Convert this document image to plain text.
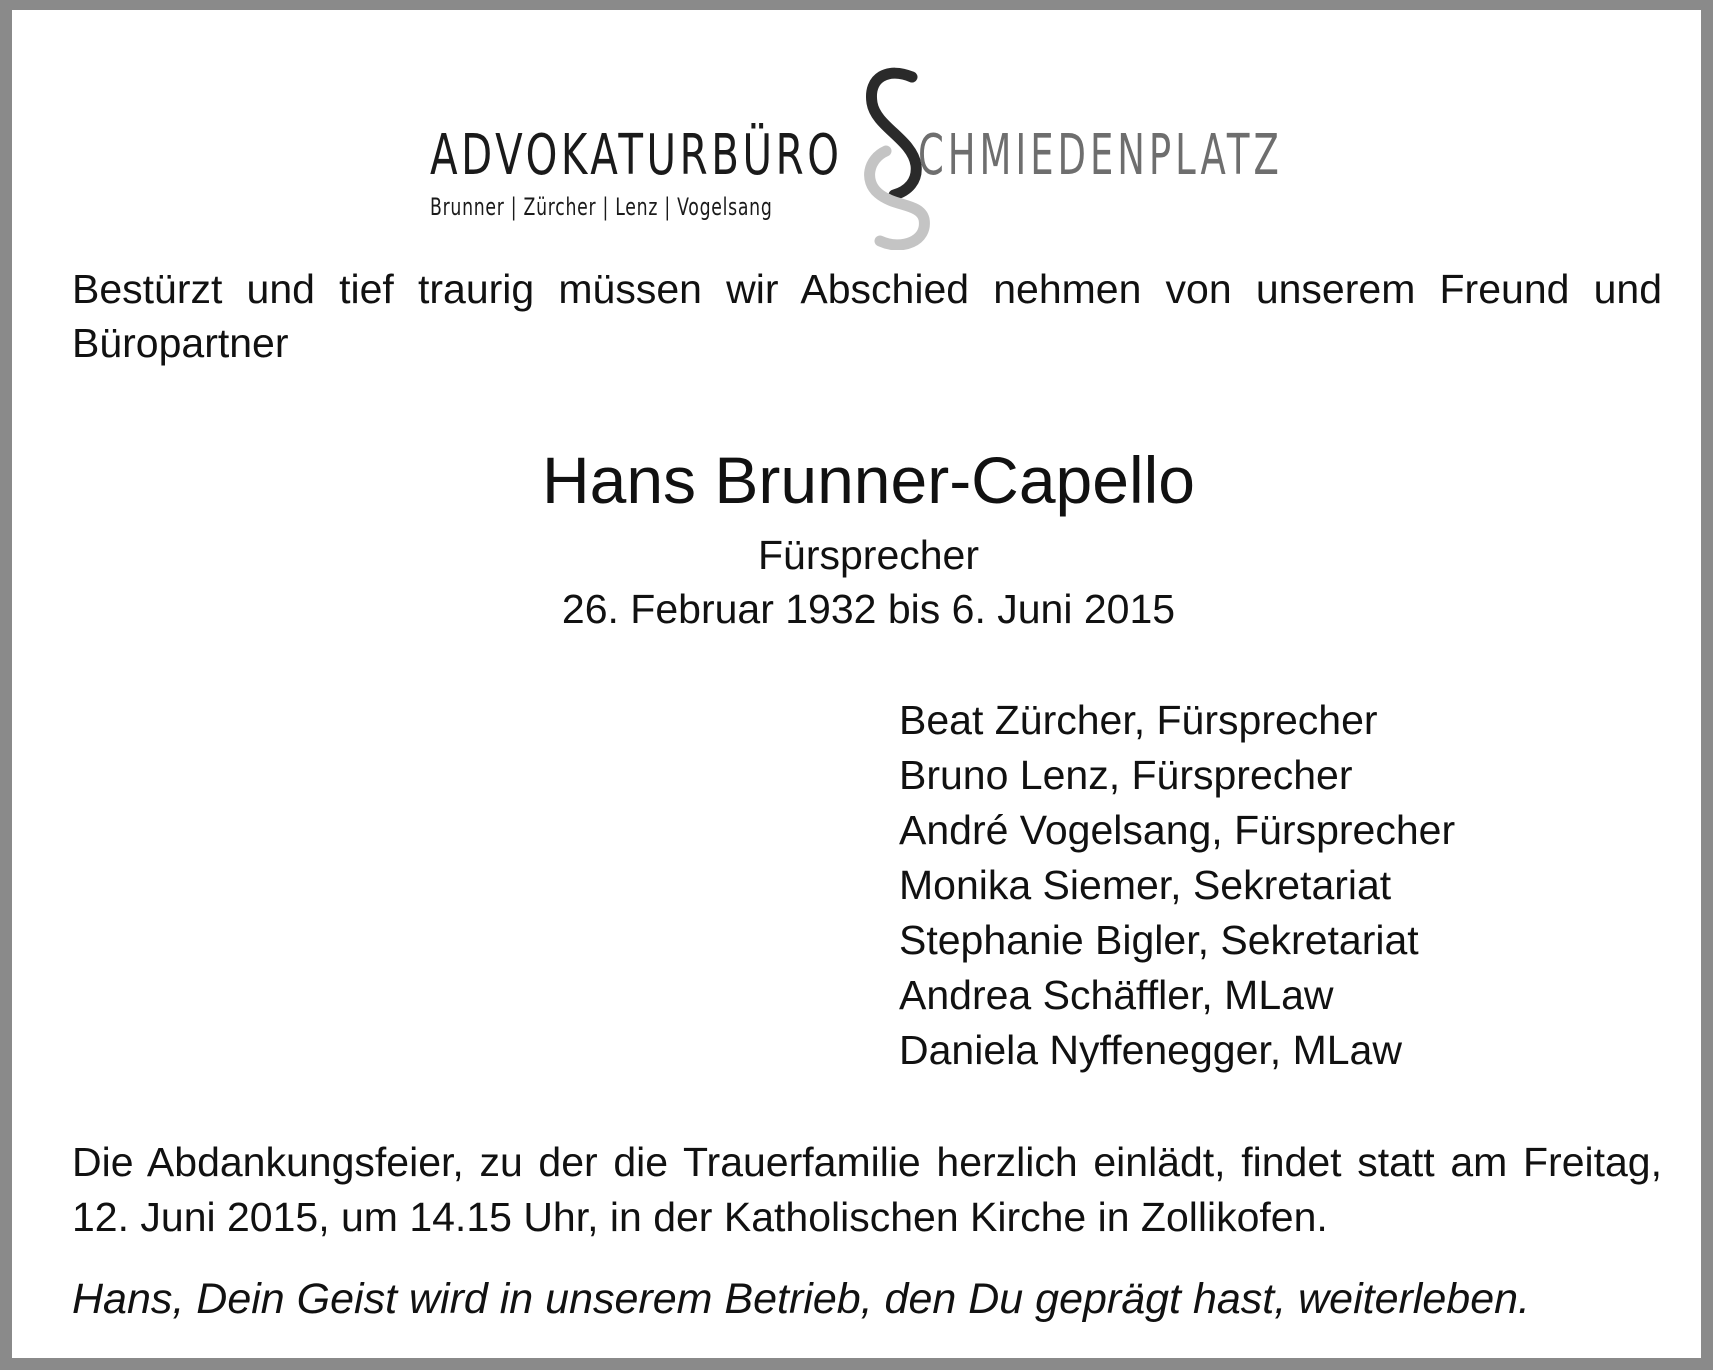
ADVOKATURBÜRO CHMIEDENPLATZ
Brunner | Zürcher | Lenz | Vogelsang

Bestürzt und tief traurig müssen wir Abschied nehmen von unserem Freund und Büropartner

Hans Brunner-Capello

Fürsprecher

26. Februar 1932 bis 6. Juni 2015

Beat Zürcher, Fürsprecher
Bruno Lenz, Fürsprecher
André Vogelsang, Fürsprecher
Monika Siemer, Sekretariat
Stephanie Bigler, Sekretariat
Andrea Schäffler, MLaw
Daniela Nyffenegger, MLaw

Die Abdankungsfeier, zu der die Trauerfamilie herzlich einlädt, findet statt am Freitag, 12. Juni 2015, um 14.15 Uhr, in der Katholischen Kirche in Zollikofen.

Hans, Dein Geist wird in unserem Betrieb, den Du geprägt hast, weiterleben.
